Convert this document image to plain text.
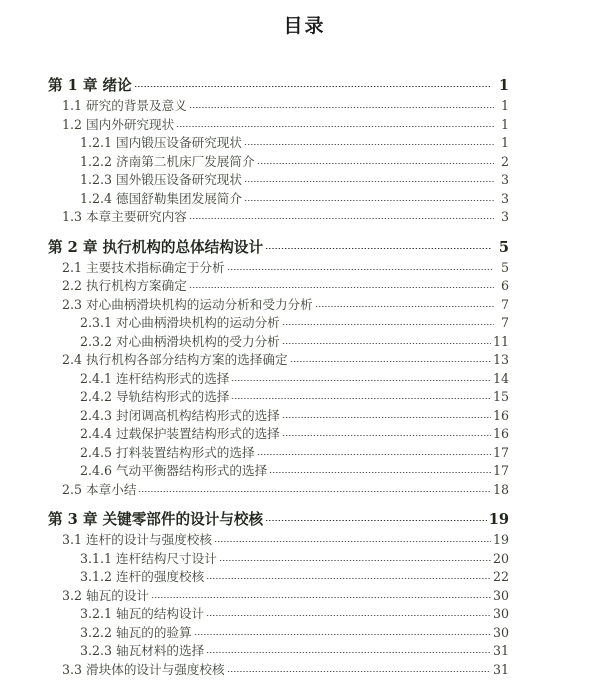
目录
第 1 章 绪论	1
1.1 研究的背景及意义	1
1.2 国内外研究现状	1
1.2.1 国内锻压设备研究现状	1
1.2.2 济南第二机床厂发展简介	2
1.2.3 国外锻压设备研究现状	3
1.2.4 德国舒勒集团发展简介	3
1.3 本章主要研究内容	3
第 2 章 执行机构的总体结构设计	5
2.1 主要技术指标确定于分析	5
2.2 执行机构方案确定	6
2.3 对心曲柄滑块机构的运动分析和受力分析	7
2.3.1 对心曲柄滑块机构的运动分析	7
2.3.2 对心曲柄滑块机构的受力分析	11
2.4 执行机构各部分结构方案的选择确定	13
2.4.1 连杆结构形式的选择	14
2.4.2 导轨结构形式的选择	15
2.4.3 封闭调高机构结构形式的选择	16
2.4.4 过载保护装置结构形式的选择	16
2.4.5 打料装置结构形式的选择	17
2.4.6 气动平衡器结构形式的选择	17
2.5 本章小结	18
第 3 章 关键零部件的设计与校核	19
3.1 连杆的设计与强度校核	19
3.1.1 连杆结构尺寸设计	20
3.1.2 连杆的强度校核	22
3.2 轴瓦的设计	30
3.2.1 轴瓦的结构设计	30
3.2.2 轴瓦的的验算	30
3.2.3 轴瓦材料的选择	31
3.3 滑块体的设计与强度校核	31
